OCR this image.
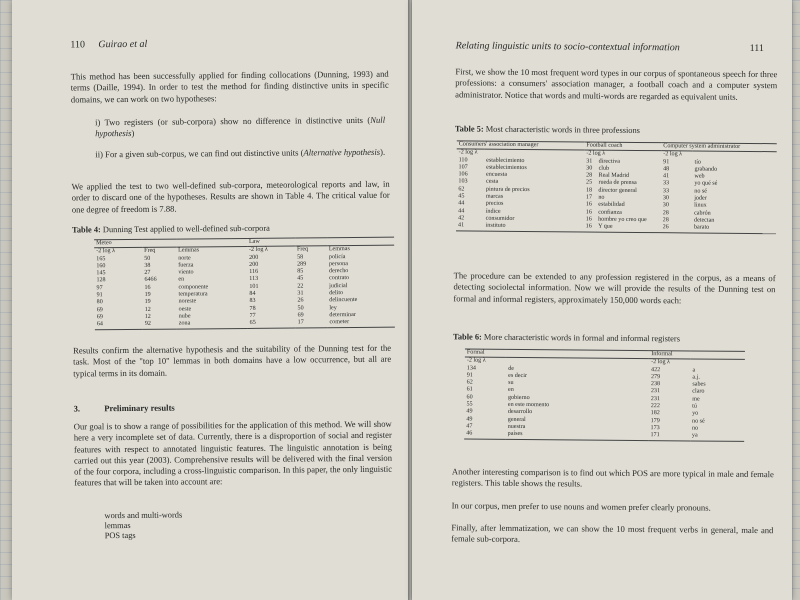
110 Guirao et al

This method has been successfully applied for finding collocations (Dunning, 1993) and terms (Daille, 1994). In order to test the method for finding distinctive units in specific domains, we can work on two hypotheses:

i) Two registers (or sub-corpora) show no difference in distinctive units (Null hypothesis)

ii) For a given sub-corpus, we can find out distinctive units (Alternative hypothesis).

We applied the test to two well-defined sub-corpora, meteorological reports and law, in order to discard one of the hypotheses. Results are shown in Table 4. The critical value for one degree of freedom is 7.88.

Table 4: Dunning Test applied to well-defined sub-corpora
Meteo			Law		
-2 log λ	Freq	Lemmas	-2 log λ	Freq	Lemmas
165	50	norte	200	58	policía
160	38	fuerza	200	289	persona
145	27	viento	116	85	derecho
128	6466	en	113	45	contrato
97	16	componente	101	22	judicial
91	19	temperatura	84	31	delito
80	19	noreste	83	26	delincuente
69	12	oeste	78	50	ley
69	12	nube	77	69	determinar
64	92	zona	65	17	cometer

Results confirm the alternative hypothesis and the suitability of the Dunning test for the task. Most of the "top 10" lemmas in both domains have a low occurrence, but all are typical terms in its domain.

3.	Preliminary results

Our goal is to show a range of possibilities for the application of this method. We will show here a very incomplete set of data. Currently, there is a disproportion of social and register features with respect to annotated linguistic features. The linguistic annotation is being carried out this year (2003). Comprehensive results will be delivered with the final version of the four corpora, including a cross-linguistic comparison. In this paper, the only linguistic features that will be taken into account are:

words and multi-words
lemmas
POS tags
Relating linguistic units to socio-contextual information	111

First, we show the 10 most frequent word types in our corpus of spontaneous speech for three professions: a consumers' association manager, a football coach and a computer system administrator. Notice that words and multi-words are regarded as equivalent units.

Table 5: Most characteristic words in three professions
Consumers' association manager		Football coach		Computer system administrator	
-2 log λ		-2 log λ		-2 log λ	
110	establecimiento	31	directiva	91	tío
107	establecimientos	30	club	48	grabando
106	encuesta	28	Real Madrid	41	web
103	cesta	25	rueda de prensa	33	yo qué sé
62	pintura de precios	18	director general	33	no sé
45	marcas	17	no	30	joder
44	precios	16	estabilidad	30	linux
44	índice	16	confianza	28	cabrón
42	consumidor	16	hombre yo creo que	28	detectan
41	instituto	16	Y que	26	barato

The procedure can be extended to any profession registered in the corpus, as a means of detecting sociolectal information. Now we will provide the results of the Dunning test on formal and informal registers, approximately 150,000 words each:

Table 6: More characteristic words in formal and informal registers
Formal		Informal	
-2 log λ		-2 log λ	
134	de	422	a
91	es decir	279	a.j.
62	su	238	sabes
61	en	231	claro
60	gobierno	231	me
55	en este momento	222	tú
49	desarrollo	182	yo
49	general	179	no sé
47	nuestra	173	no
46	países	171	ya

Another interesting comparison is to find out which POS are more typical in male and female registers. This table shows the results.

In our corpus, men prefer to use nouns and women prefer clearly pronouns.

Finally, after lemmatization, we can show the 10 most frequent verbs in general, male and female sub-corpora.
